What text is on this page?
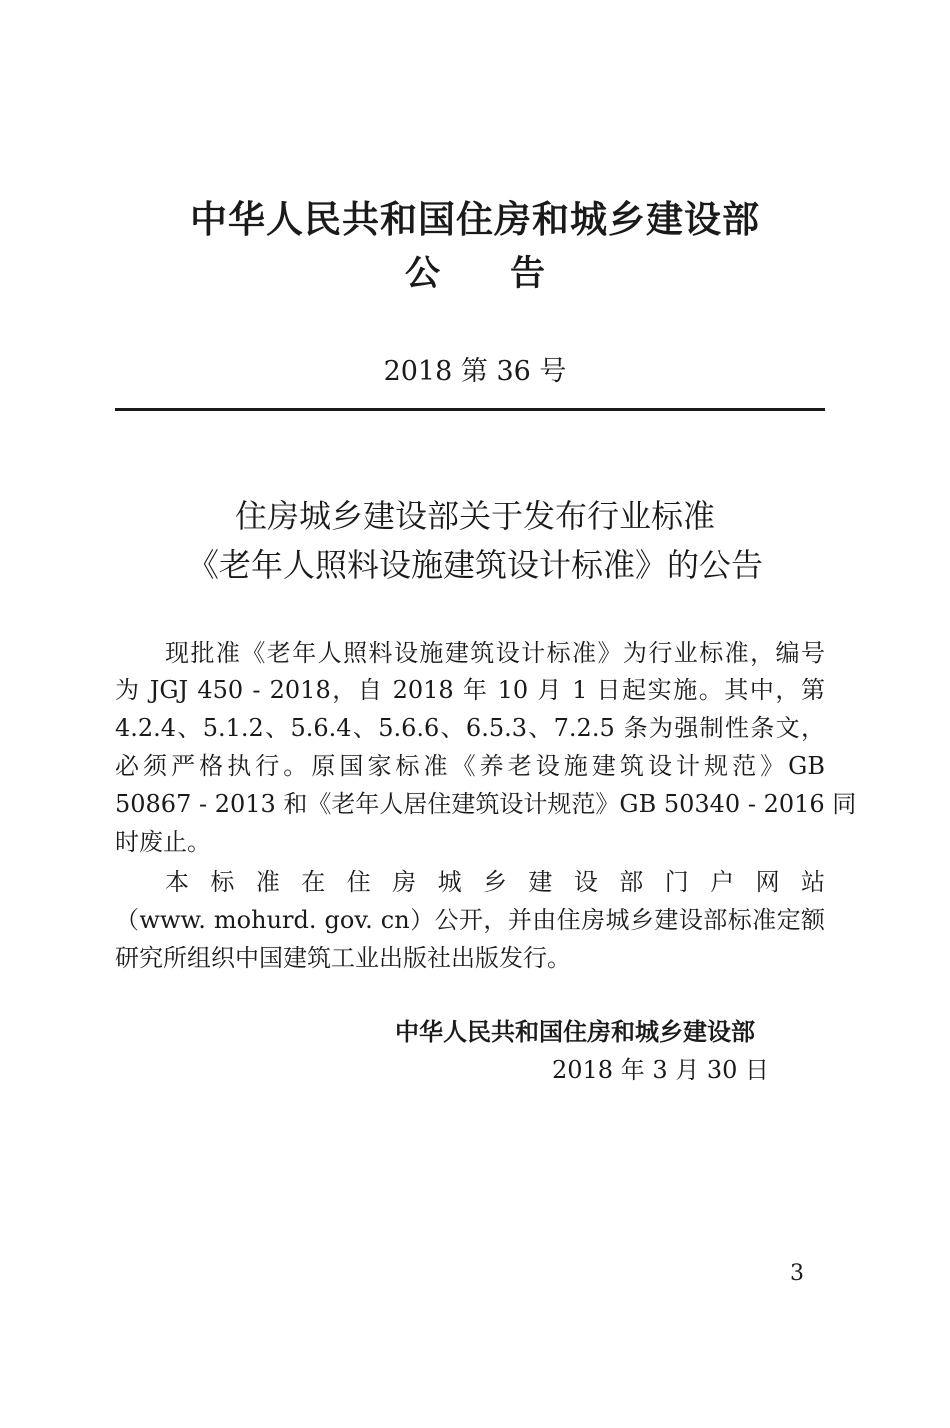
中华人民共和国住房和城乡建设部
公告
2018 第 36 号
住房城乡建设部关于发布行业标准
《老年人照料设施建筑设计标准》的公告
现批准《老年人照料设施建筑设计标准》为行业标准，编号
为 JGJ 450 - 2018，自 2018 年 10 月 1 日起实施。其中，第
4.2.4、5.1.2、5.6.4、5.6.6、6.5.3、7.2.5 条为强制性条文，
必须严格执行。原国家标准《养老设施建筑设计规范》GB
50867 - 2013 和《老年人居住建筑设计规范》GB 50340 - 2016 同
时废止。
本标准在住房城乡建设部门户网站
（www. mohurd. gov. cn）公开，并由住房城乡建设部标准定额
研究所组织中国建筑工业出版社出版发行。
中华人民共和国住房和城乡建设部
2018 年 3 月 30 日
3
